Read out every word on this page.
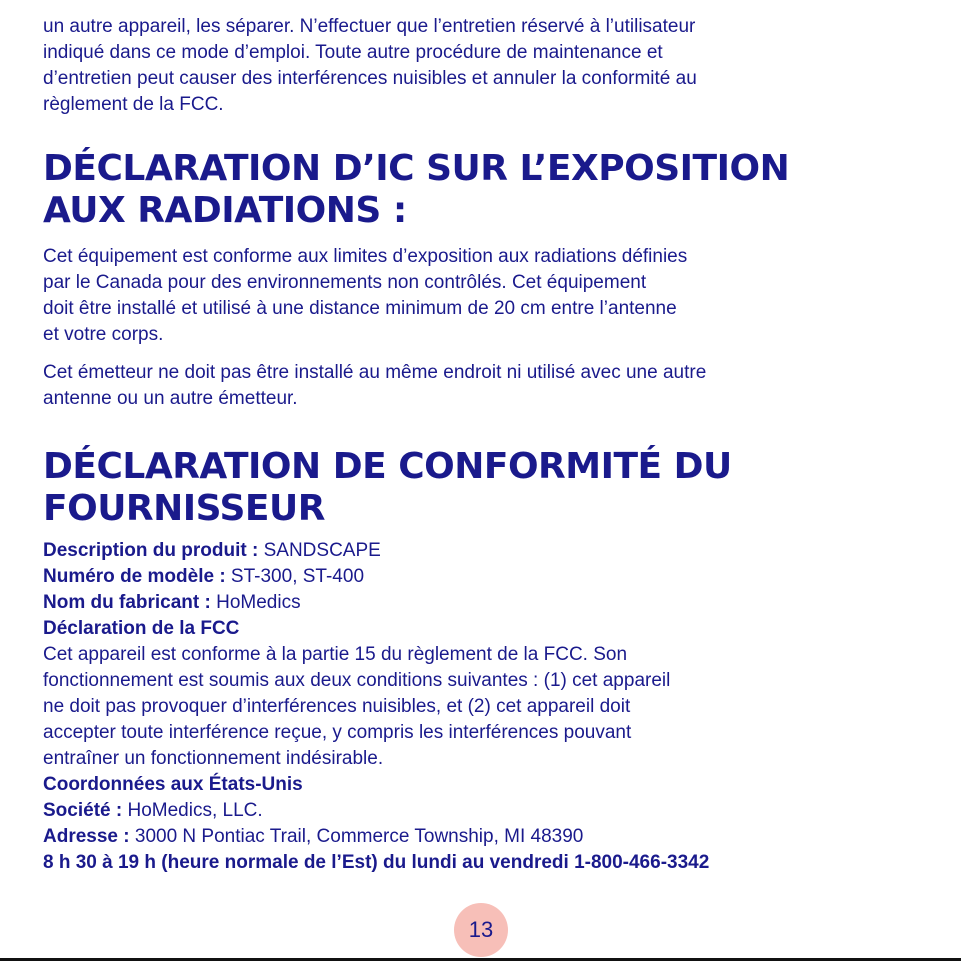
un autre appareil, les séparer. N’effectuer que l’entretien réservé à l’utilisateur
indiqué dans ce mode d’emploi. Toute autre procédure de maintenance et
d’entretien peut causer des interférences nuisibles et annuler la conformité au
règlement de la FCC.

DÉCLARATION D’IC SUR L’EXPOSITION
AUX RADIATIONS :

Cet équipement est conforme aux limites d’exposition aux radiations définies
par le Canada pour des environnements non contrôlés. Cet équipement
doit être installé et utilisé à une distance minimum de 20 cm entre l’antenne
et votre corps.

Cet émetteur ne doit pas être installé au même endroit ni utilisé avec une autre
antenne ou un autre émetteur.

DÉCLARATION DE CONFORMITÉ DU
FOURNISSEUR
Description du produit : SANDSCAPE
Numéro de modèle : ST-300, ST-400
Nom du fabricant : HoMedics
Déclaration de la FCC

Cet appareil est conforme à la partie 15 du règlement de la FCC. Son
fonctionnement est soumis aux deux conditions suivantes : (1) cet appareil
ne doit pas provoquer d’interférences nuisibles, et (2) cet appareil doit
accepter toute interférence reçue, y compris les interférences pouvant
entraîner un fonctionnement indésirable.

Coordonnées aux États-Unis
Société : HoMedics, LLC.
Adresse : 3000 N Pontiac Trail, Commerce Township, MI 48390
8 h 30 à 19 h (heure normale de l’Est) du lundi au vendredi 1-800-466-3342
13
